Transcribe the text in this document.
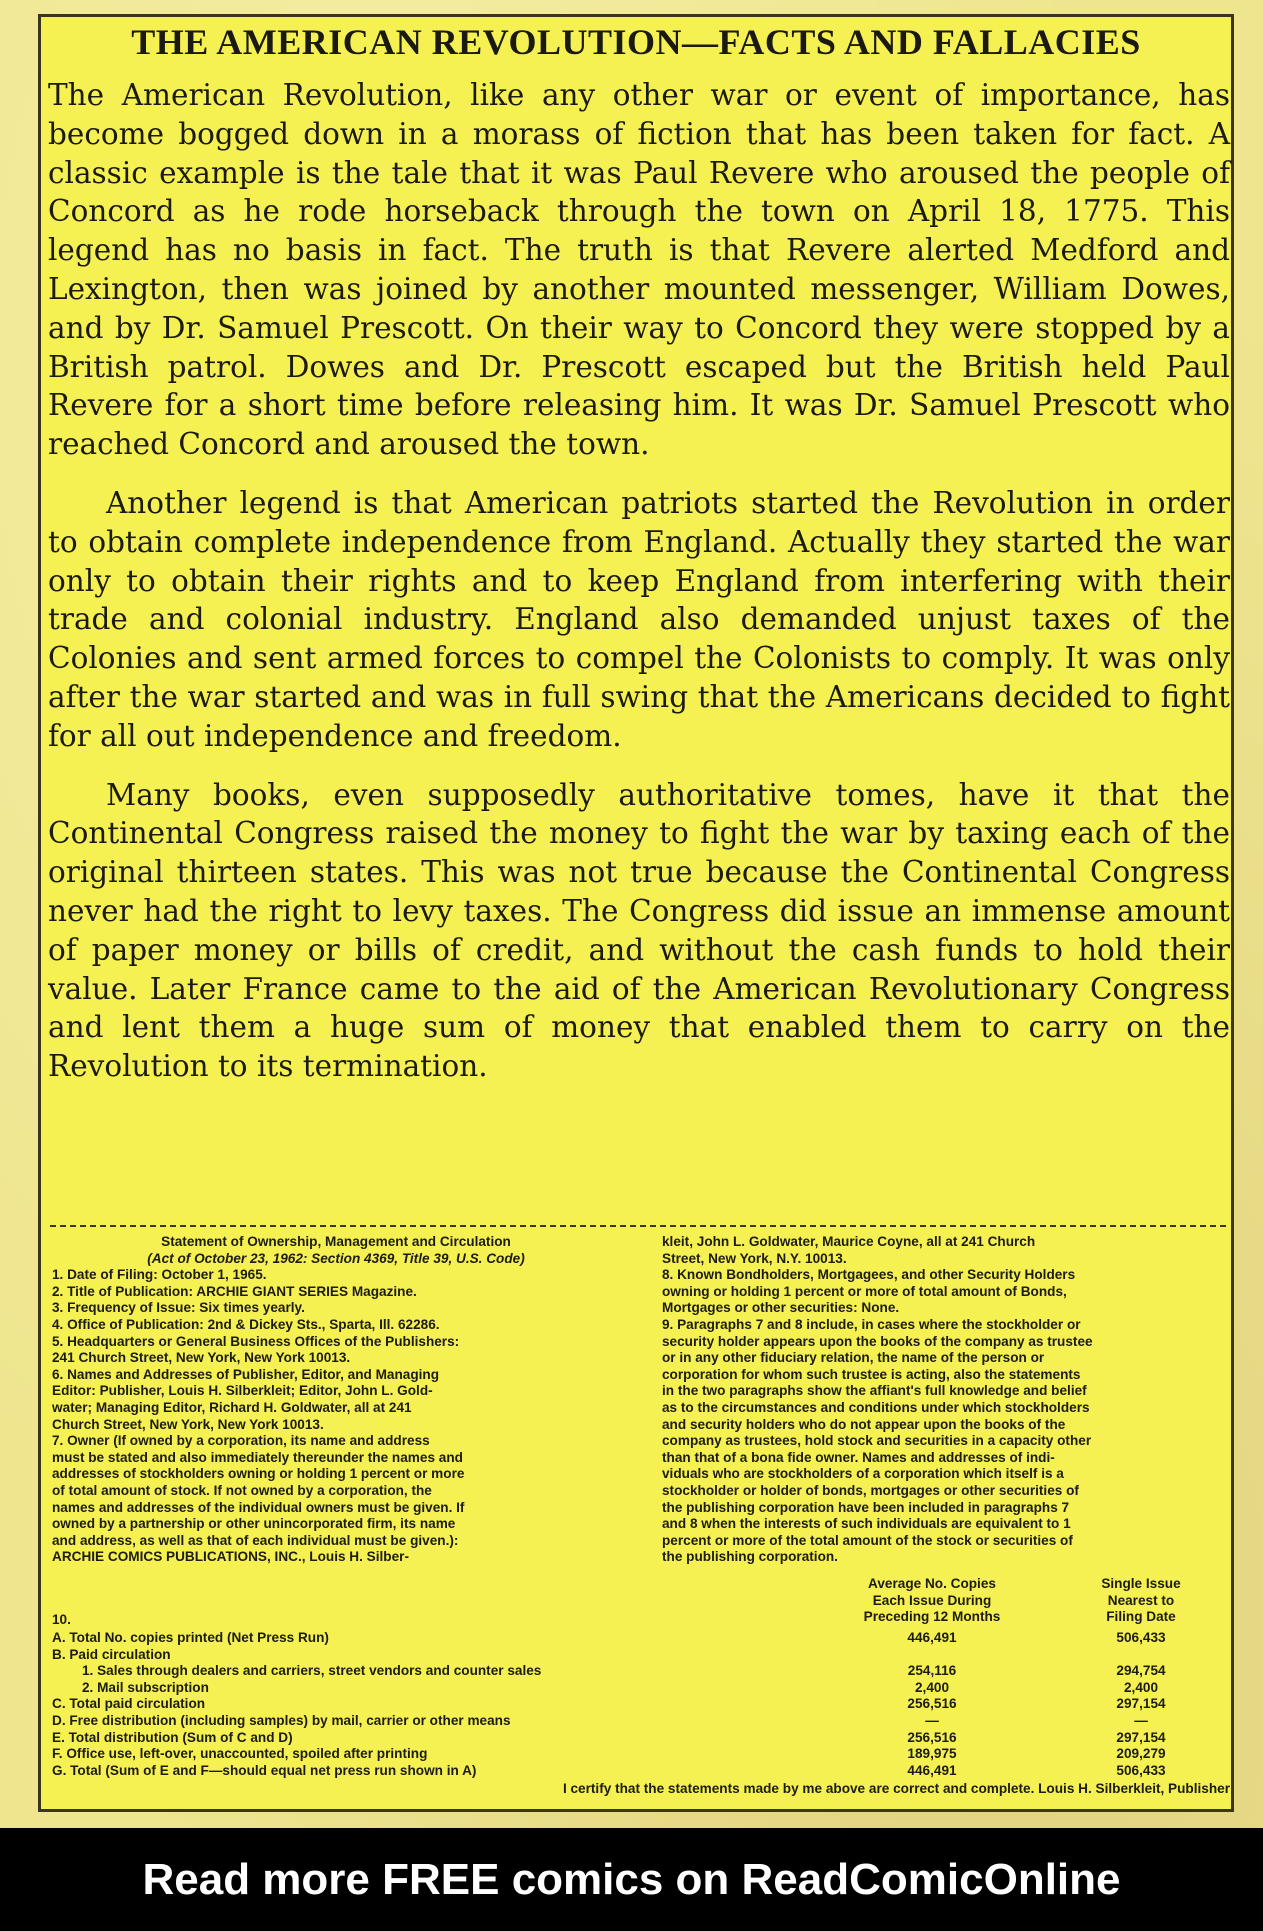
THE AMERICAN REVOLUTION—FACTS AND FALLACIES

The American Revolution, like any other war or event of importance, has become bogged down in a morass of fiction that has been taken for fact. A classic example is the tale that it was Paul Revere who aroused the people of Concord as he rode horseback through the town on April 18, 1775. This legend has no basis in fact. The truth is that Revere alerted Medford and Lexington, then was joined by another mounted messenger, William Dowes, and by Dr. Samuel Prescott. On their way to Concord they were stopped by a British patrol. Dowes and Dr. Prescott escaped but the British held Paul Revere for a short time before releasing him. It was Dr. Samuel Prescott who reached Concord and aroused the town.

Another legend is that American patriots started the Revolution in order to obtain complete independence from England. Actually they started the war only to obtain their rights and to keep England from interfering with their trade and colonial industry. England also demanded unjust taxes of the Colonies and sent armed forces to compel the Colonists to comply. It was only after the war started and was in full swing that the Americans decided to fight for all out independence and freedom.

Many books, even supposedly authoritative tomes, have it that the Continental Congress raised the money to fight the war by taxing each of the original thirteen states. This was not true because the Continental Congress never had the right to levy taxes. The Congress did issue an immense amount of paper money or bills of credit, and without the cash funds to hold their value. Later France came to the aid of the American Revolutionary Congress and lent them a huge sum of money that enabled them to carry on the Revolution to its termination.

Statement of Ownership, Management and Circulation
(Act of October 23, 1962: Section 4369, Title 39, U.S. Code)
1. Date of Filing: October 1, 1965.
2. Title of Publication: ARCHIE GIANT SERIES Magazine.
3. Frequency of Issue: Six times yearly.
4. Office of Publication: 2nd & Dickey Sts., Sparta, Ill. 62286.
5. Headquarters or General Business Offices of the Publishers:
241 Church Street, New York, New York 10013.
6. Names and Addresses of Publisher, Editor, and Managing
Editor: Publisher, Louis H. Silberkleit; Editor, John L. Gold-
water; Managing Editor, Richard H. Goldwater, all at 241
Church Street, New York, New York 10013.
7. Owner (If owned by a corporation, its name and address
must be stated and also immediately thereunder the names and
addresses of stockholders owning or holding 1 percent or more
of total amount of stock. If not owned by a corporation, the
names and addresses of the individual owners must be given. If
owned by a partnership or other unincorporated firm, its name
and address, as well as that of each individual must be given.):
ARCHIE COMICS PUBLICATIONS, INC., Louis H. Silber-
kleit, John L. Goldwater, Maurice Coyne, all at 241 Church
Street, New York, N.Y. 10013.
8. Known Bondholders, Mortgagees, and other Security Holders
owning or holding 1 percent or more of total amount of Bonds,
Mortgages or other securities: None.
9. Paragraphs 7 and 8 include, in cases where the stockholder or
security holder appears upon the books of the company as trustee
or in any other fiduciary relation, the name of the person or
corporation for whom such trustee is acting, also the statements
in the two paragraphs show the affiant's full knowledge and belief
as to the circumstances and conditions under which stockholders
and security holders who do not appear upon the books of the
company as trustees, hold stock and securities in a capacity other
than that of a bona fide owner. Names and addresses of indi-
viduals who are stockholders of a corporation which itself is a
stockholder or holder of bonds, mortgages or other securities of
the publishing corporation have been included in paragraphs 7
and 8 when the interests of such individuals are equivalent to 1
percent or more of the total amount of the stock or securities of
the publishing corporation.
10.
Average No. Copies
Each Issue During
Preceding 12 Months
Single Issue
Nearest to
Filing Date
A. Total No. copies printed (Net Press Run)	446,491	506,433
B. Paid circulation
1. Sales through dealers and carriers, street vendors and counter sales	254,116	294,754
2. Mail subscription	2,400	2,400
C. Total paid circulation	256,516	297,154
D. Free distribution (including samples) by mail, carrier or other means	—	—
E. Total distribution (Sum of C and D)	256,516	297,154
F. Office use, left-over, unaccounted, spoiled after printing	189,975	209,279
G. Total (Sum of E and F—should equal net press run shown in A)	446,491	506,433
I certify that the statements made by me above are correct and complete. Louis H. Silberkleit, Publisher
Read more FREE comics on ReadComicOnline
